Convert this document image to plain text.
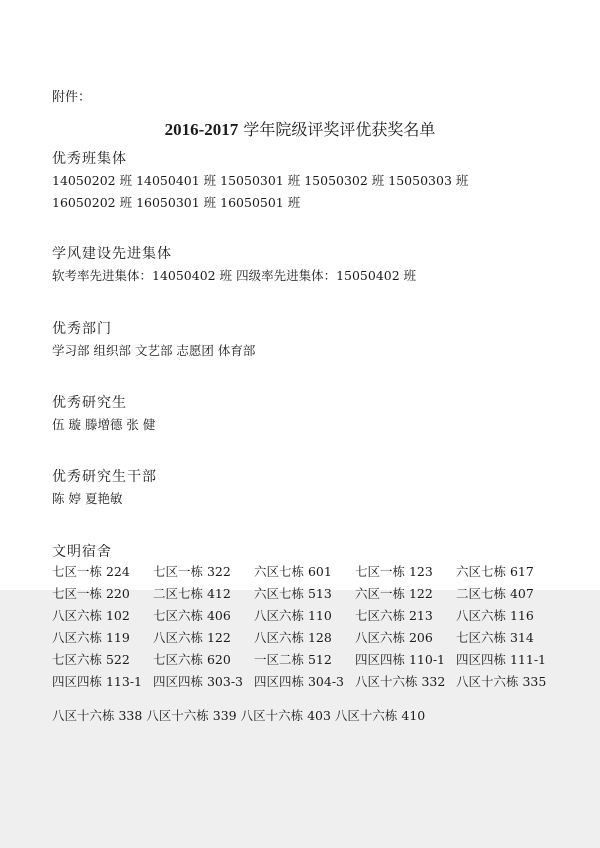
附件：
2016-2017 学年院级评奖评优获奖名单
优秀班集体
14050202 班 14050401 班 15050301 班 15050302 班 15050303 班
16050202 班 16050301 班 16050501 班
学风建设先进集体
软考率先进集体：14050402 班 四级率先进集体：15050402 班
优秀部门
学习部 组织部 文艺部 志愿团 体育部
优秀研究生
伍 璇 滕增德 张 健
优秀研究生干部
陈 婷 夏艳敏
文明宿舍
七区一栋 224 七区一栋 322 六区七栋 601 七区一栋 123 六区七栋 617
七区一栋 220 二区七栋 412 六区七栋 513 六区一栋 122 二区七栋 407
八区六栋 102 七区六栋 406 八区六栋 110 七区六栋 213 八区六栋 116
八区六栋 119 八区六栋 122 八区六栋 128 八区六栋 206 七区六栋 314
七区六栋 522 七区六栋 620 一区二栋 512 四区四栋 110-1 四区四栋 111-1
四区四栋 113-1 四区四栋 303-3 四区四栋 304-3 八区十六栋 332 八区十六栋 335
八区十六栋 338 八区十六栋 339 八区十六栋 403 八区十六栋 410
